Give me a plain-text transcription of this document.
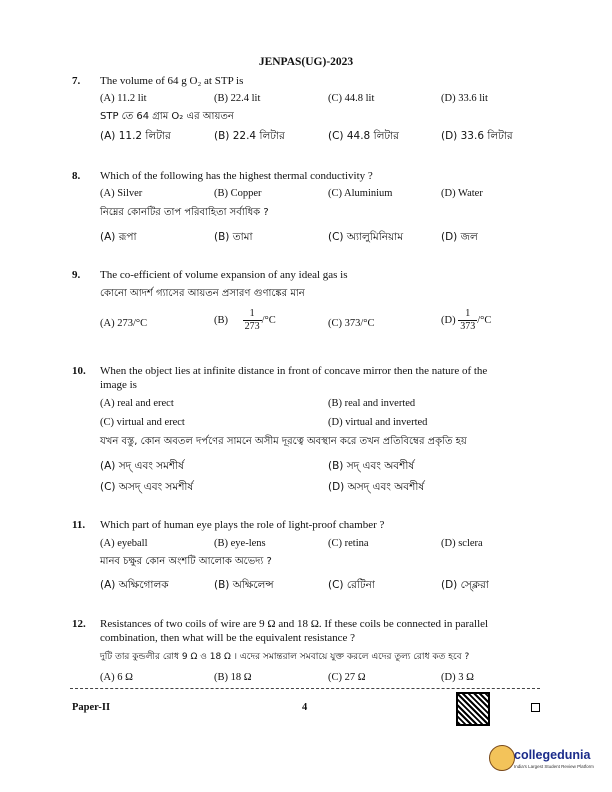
JENPAS(UG)-2023
7. The volume of 64 g O₂ at STP is
(A) 11.2 lit	(B) 22.4 lit	(C) 44.8 lit	(D) 33.6 lit
STP তে 64 গ্রাম O₂ এর আয়তন
(A) 11.2 লিটার	(B) 22.4 লিটার	(C) 44.8 লিটার	(D) 33.6 লিটার
8. Which of the following has the highest thermal conductivity ?
(A) Silver	(B) Copper	(C) Aluminium	(D) Water
নিম্নের কোনটির তাপ পরিবাহিতা সর্বাধিক ?
(A) রূপা	(B) তামা	(C) অ্যালুমিনিয়াম	(D) জল
9. The co-efficient of volume expansion of any ideal gas is
কোনো আদর্শ গ্যাসের আয়তন প্রসারণ গুণাঙ্কের মান
(A) 273/°C	$(B) \frac{1}{273} /^\circ C$	(C) 373/°C	$(D) \frac{1}{373} /^\circ C$
10. When the object lies at infinite distance in front of concave mirror then the nature of the
image is
(A) real and erect	(B) real and inverted
(C) virtual and erect	(D) virtual and inverted
যখন বস্তু, কোন অবতল দর্পণের সামনে অসীম দূরত্বে অবস্থান করে তখন প্রতিবিম্বের প্রকৃতি হয়
(A) সদ্‌ এবং সমশীর্ষ	(B) সদ্‌ এবং অবশীর্ষ
(C) অসদ্‌ এবং সমশীর্ষ	(D) অসদ্‌ এবং অবশীর্ষ
11. Which part of human eye plays the role of light-proof chamber ?
(A) eyeball	(B) eye-lens	(C) retina	(D) sclera
মানব চক্ষুর কোন অংশটি আলোক অভেদ্য ?
(A) অক্ষিগোলক	(B) অক্ষিলেন্স	(C) রেটিনা	(D) স্ক্লেরা
12. Resistances of two coils of wire are 9 Ω and 18 Ω. If these coils be connected in parallel
combination, then what will be the equivalent resistance ?
দুটি তার কুন্ডলীর রোধ 9 Ω ও 18 Ω । এদের সমান্তরাল সমবায়ে যুক্ত করলে এদের তুল্য রোধ কত হবে ?
(A) 6 Ω	(B) 18 Ω	(C) 27 Ω	(D) 3 Ω
Paper-II	4
collegedunia
India's Largest Student Review Platform
